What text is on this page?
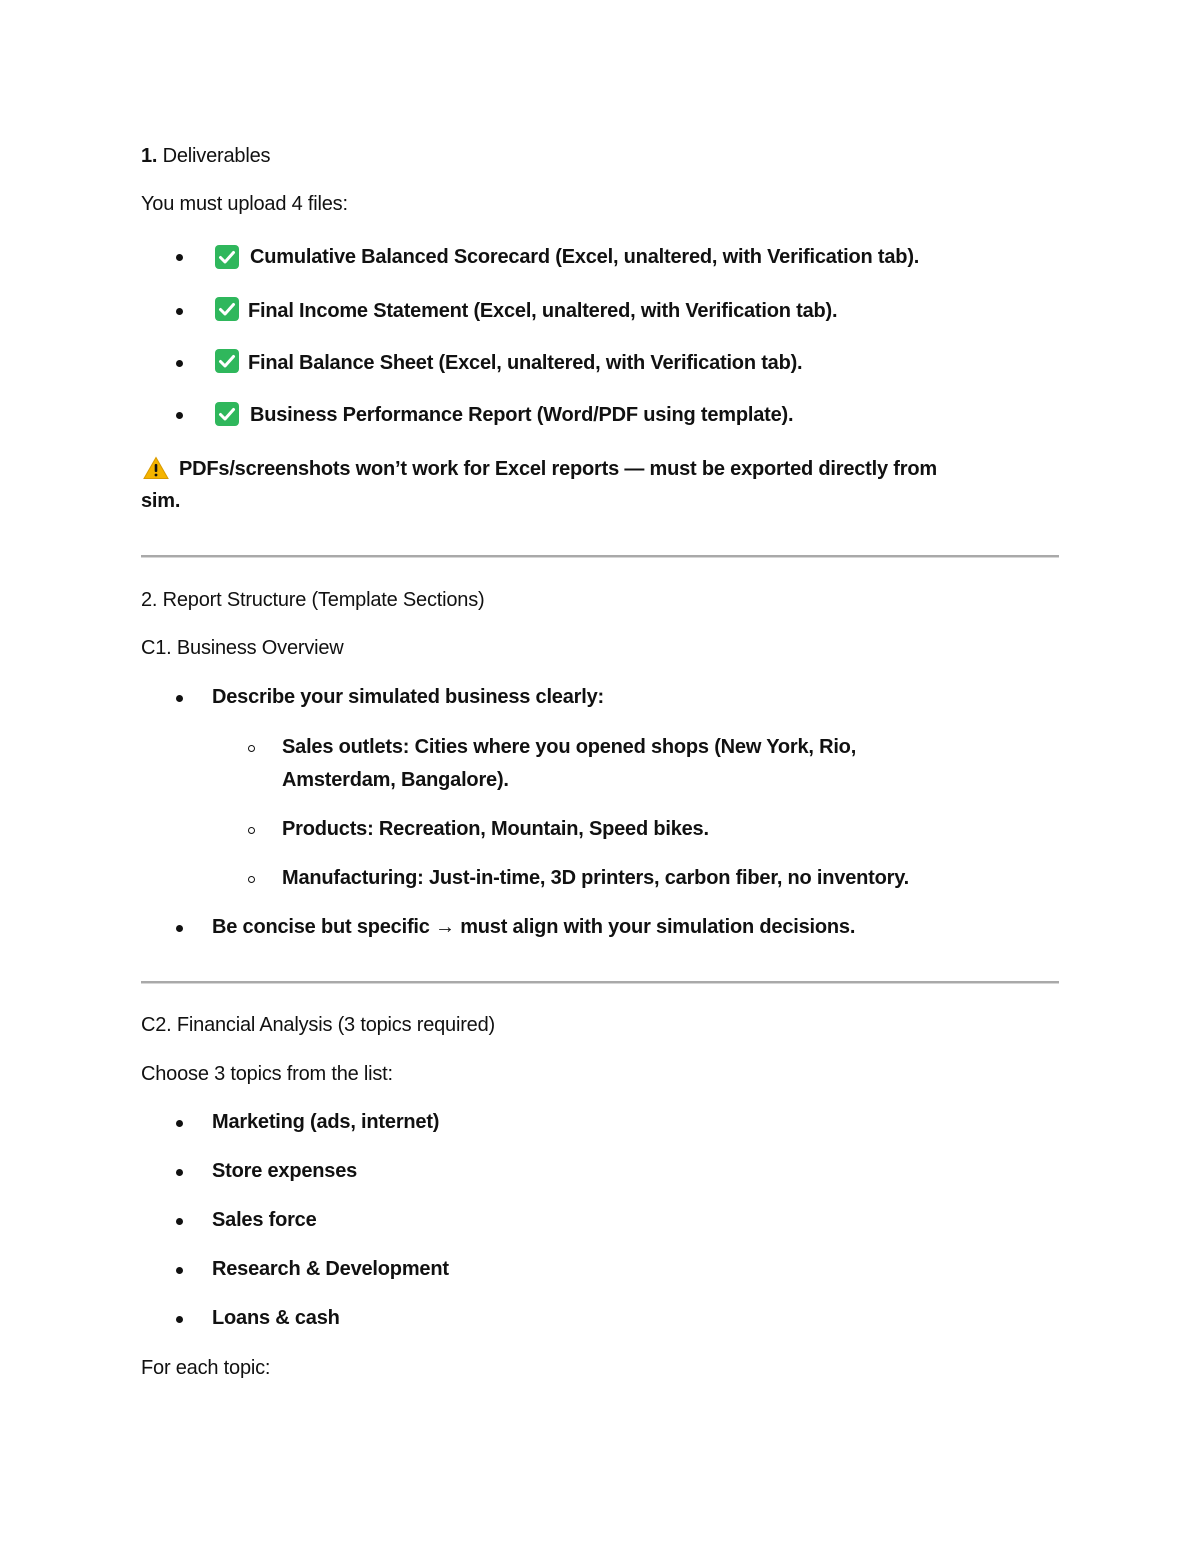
1. Deliverables
You must upload 4 files:
Cumulative Balanced Scorecard (Excel, unaltered, with Verification tab).
Final Income Statement (Excel, unaltered, with Verification tab).
Final Balance Sheet (Excel, unaltered, with Verification tab).
Business Performance Report (Word/PDF using template).
PDFs/screenshots won’t work for Excel reports — must be exported directly from
sim.
2. Report Structure (Template Sections)
C1. Business Overview
Describe your simulated business clearly:
Sales outlets: Cities where you opened shops (New York, Rio,
Amsterdam, Bangalore).
Products: Recreation, Mountain, Speed bikes.
Manufacturing: Just-in-time, 3D printers, carbon fiber, no inventory.
Be concise but specific → must align with your simulation decisions.
C2. Financial Analysis (3 topics required)
Choose 3 topics from the list:
Marketing (ads, internet)
Store expenses
Sales force
Research & Development
Loans & cash
For each topic:
